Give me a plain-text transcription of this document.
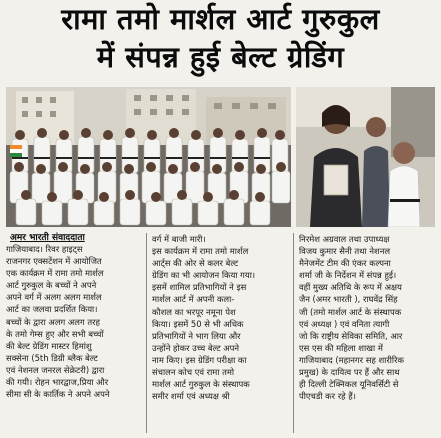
रामा तमो मार्शल आर्ट गुरुकुल
में संपन्न हुई बेल्ट ग्रेडिंग
अमर भारती संवाददाता

गाजियाबाद। रिवर हाइट्स

राजनगर एक्सटेंशन में आयोजित

एक कार्यक्रम में रामा तमो मार्शल

आर्ट गुरुकुल के बच्चों ने अपने

अपने वर्ग में अलग अलग मार्शल

आर्ट का जलवा प्रदर्शित किया।

बच्चों के द्वारा अलग अलग तरह

के तमो गेम्स हुए और सभी बच्चों

की बेल्ट ग्रेडिंग मास्टर हिमांशु

सक्सेना (5th डिग्री ब्लैक बेल्ट

एवं नेशनल जनरल सेक्रेटरी) द्वारा

की गयी। रोहन भारद्वाज,प्रिया और

सीमा सी के कार्तिक ने अपने अपने

वर्ग में बाजी मारी।

इस कार्यक्रम में रामा तमो मार्शल

आर्ट्स की ओर से कलर बेल्ट

ग्रेडिंग का भी आयोजन किया गया।

इसमें शामिल प्रतिभागियों ने इस

मार्शल आर्ट में अपनी कला-

कौशल का भरपूर नमूना पेश

किया। इसमें 50 से भी अधिक

प्रतिभागियों ने भाग लिया और

उन्होंने होकर उच्च बेल्ट अपने

नाम किए। इस ग्रेडिंग परीक्षा का

संचालन कोच एवं रामा तमो

मार्शल आर्ट गुरुकुल के संस्थापक

समीर शर्मा एवं अध्यक्ष श्री

निरमेश अग्रवाल तथा उपाध्यक्ष

विजय कुमार सैनी तथा नेशनल

मैनेजमेंट टीम की एंकर कल्पना

शर्मा जी के निर्देशन में संपन्न हुई।

वहीं मुख्य अतिथि के रूप में अक्षय

जैन (अमर भारती ), राघवेंद्र सिंह

जी (तमो मार्शल आर्ट के संस्थापक

एवं अध्यक्ष ) एवं वनिता त्यागी

जो कि राष्ट्रीय सेविका समिति, आर

एस एस की महिला शाखा में

गाजियाबाद (महानगर सह शारीरिक

प्रमुख) के दायित्व पर हैं और साथ

ही दिल्ली टेक्निकल यूनिवर्सिटी से

पीएचडी कर रहे हैं।
